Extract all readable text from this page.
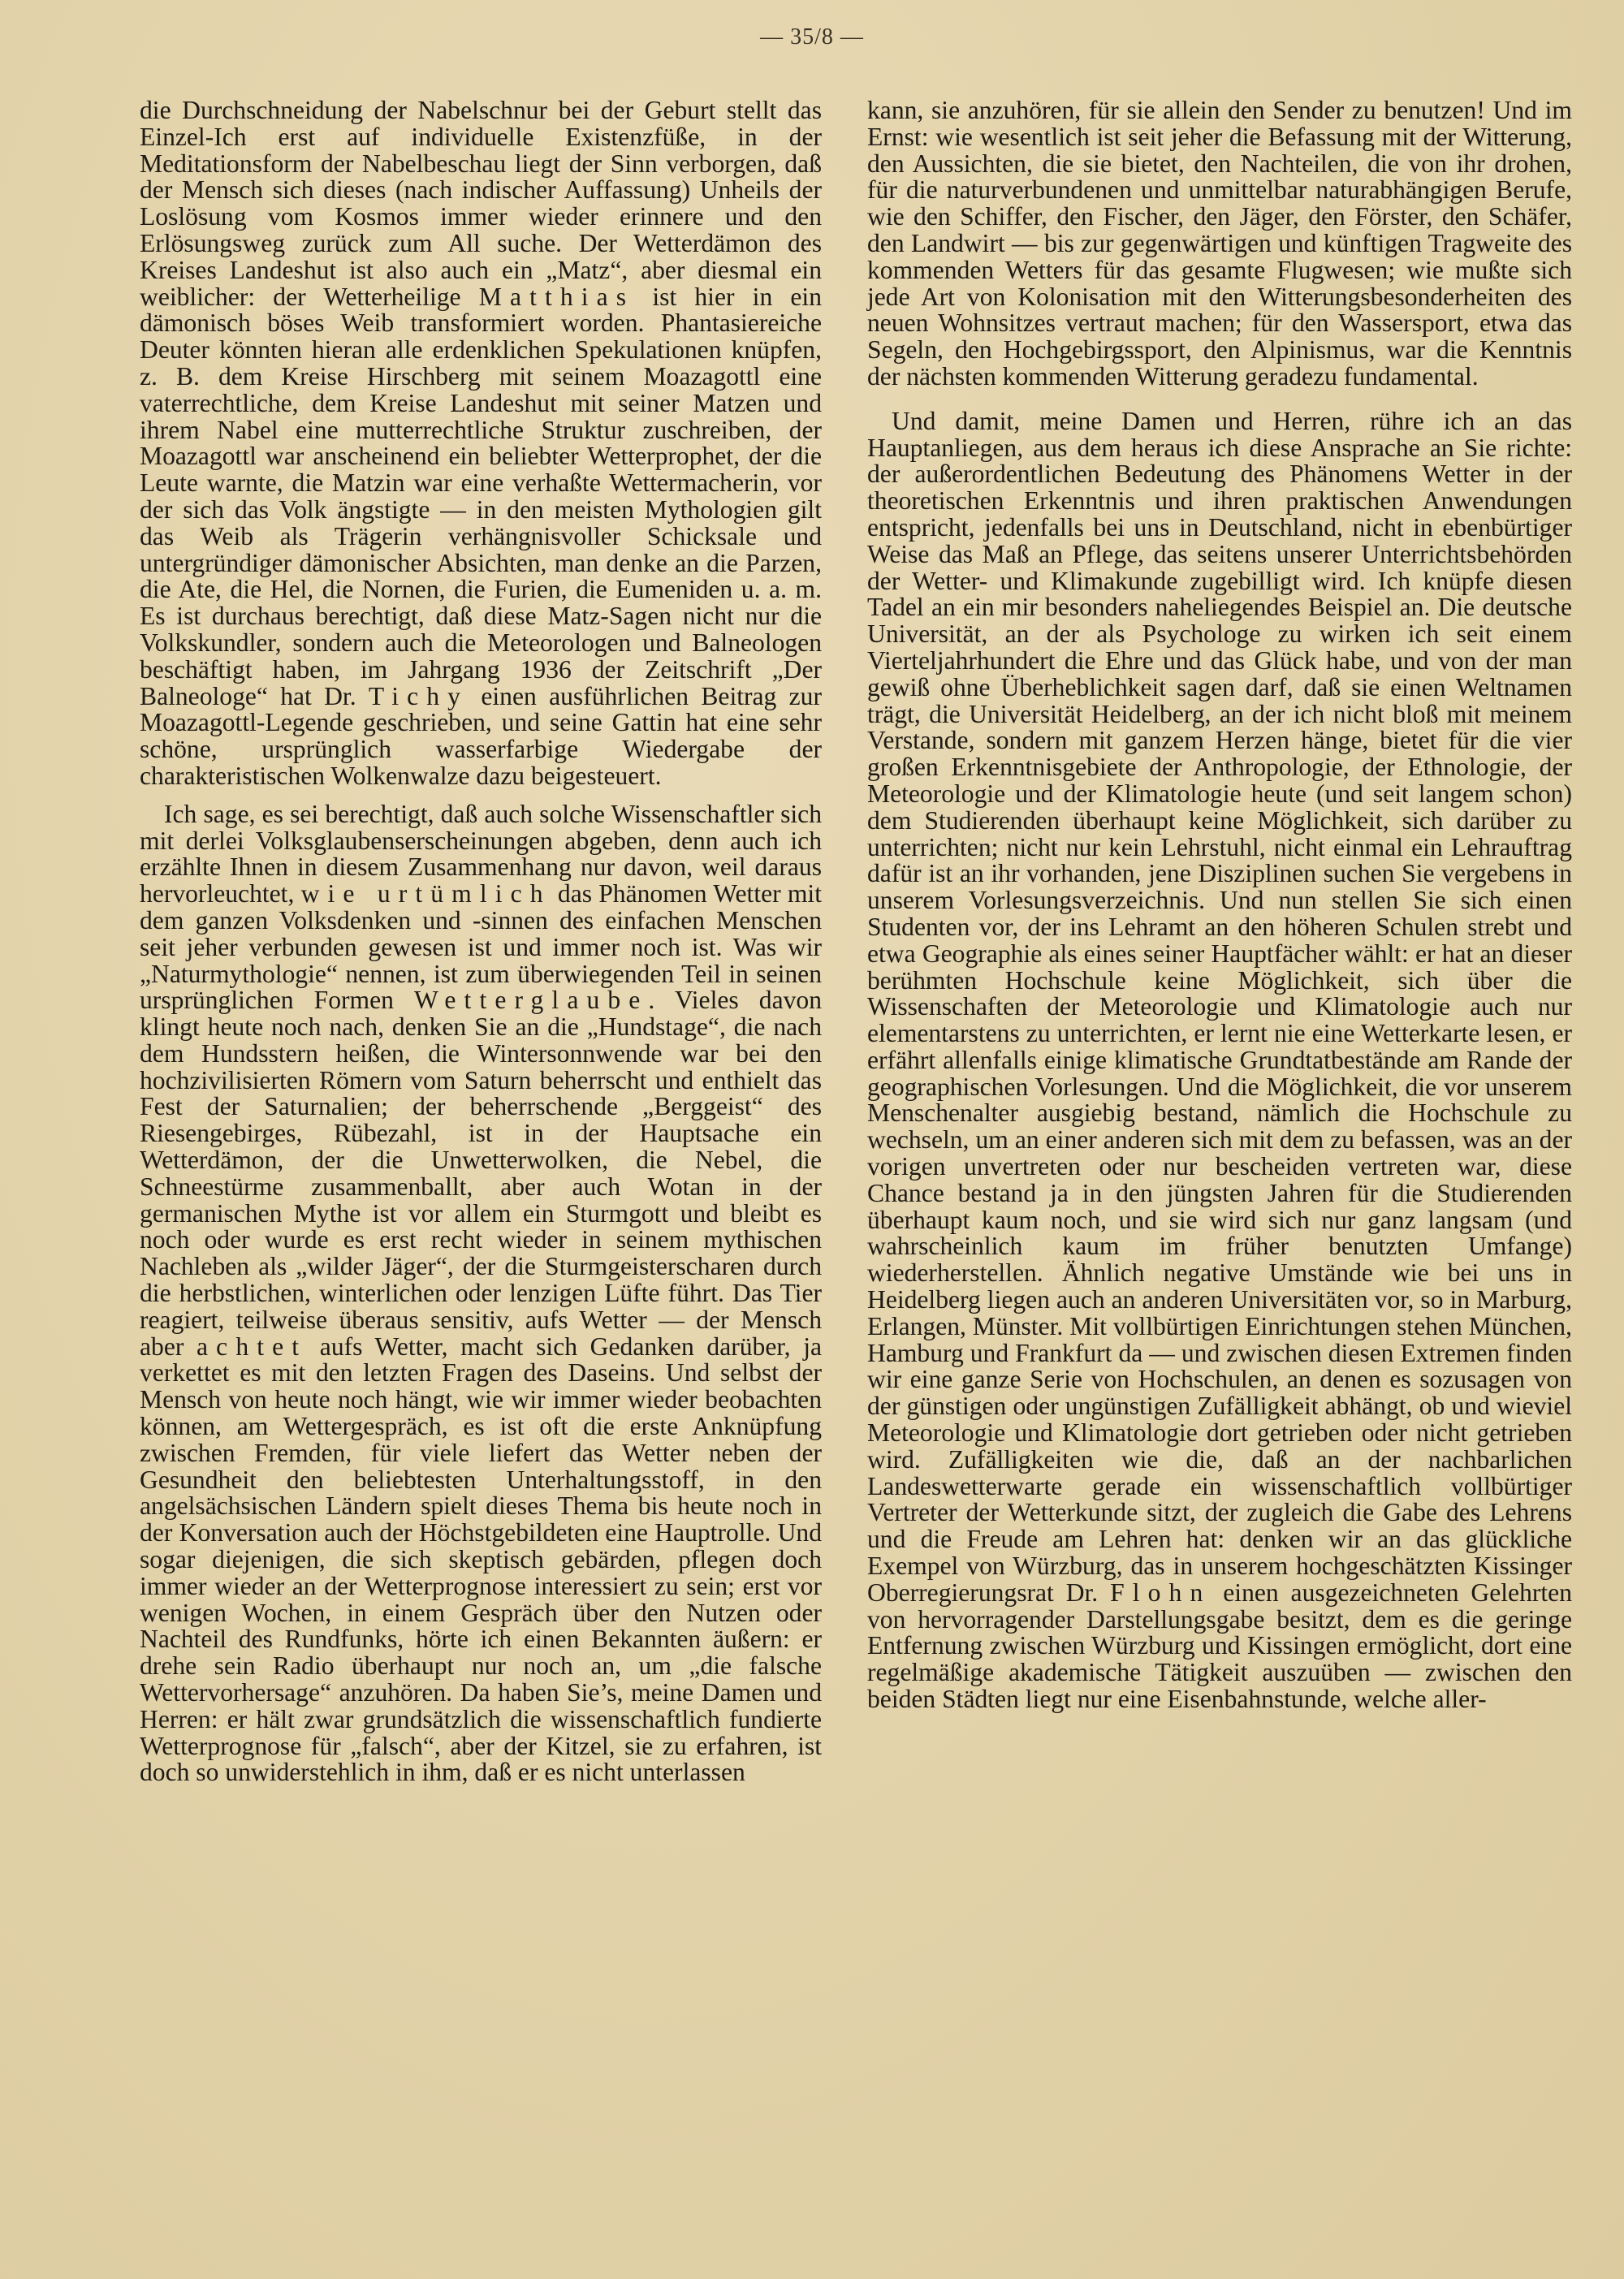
— 35/8 —

die Durchschneidung der Nabelschnur bei der Geburt stellt das Einzel-Ich erst auf individuelle Existenzfüße, in der Meditationsform der Nabelbeschau liegt der Sinn verborgen, daß der Mensch sich dieses (nach indischer Auffassung) Unheils der Loslösung vom Kosmos immer wieder erinnere und den Erlösungsweg zurück zum All suche. Der Wetterdämon des Kreises Landeshut ist also auch ein „Matz“, aber diesmal ein weiblicher: der Wetterheilige Matthias ist hier in ein dämonisch böses Weib transformiert worden. Phantasiereiche Deuter könnten hieran alle erdenklichen Spekulationen knüpfen, z. B. dem Kreise Hirschberg mit seinem Moazagottl eine vaterrechtliche, dem Kreise Landeshut mit seiner Matzen und ihrem Nabel eine mutterrechtliche Struktur zuschreiben, der Moazagottl war anscheinend ein beliebter Wetterprophet, der die Leute warnte, die Matzin war eine verhaßte Wettermacherin, vor der sich das Volk ängstigte — in den meisten Mythologien gilt das Weib als Trägerin verhängnisvoller Schicksale und untergründiger dämonischer Absichten, man denke an die Parzen, die Ate, die Hel, die Nornen, die Furien, die Eumeniden u. a. m. Es ist durchaus berechtigt, daß diese Matz-Sagen nicht nur die Volkskundler, sondern auch die Meteorologen und Balneologen beschäftigt haben, im Jahrgang 1936 der Zeitschrift „Der Balneologe“ hat Dr. Tichy einen ausführlichen Beitrag zur Moazagottl-Legende geschrieben, und seine Gattin hat eine sehr schöne, ursprünglich wasserfarbige Wiedergabe der charakteristischen Wolkenwalze dazu beigesteuert.

Ich sage, es sei berechtigt, daß auch solche Wissenschaftler sich mit derlei Volksglaubenserscheinungen abgeben, denn auch ich erzählte Ihnen in diesem Zusammenhang nur davon, weil daraus hervorleuchtet, wie urtümlich das Phänomen Wetter mit dem ganzen Volksdenken und -sinnen des einfachen Menschen seit jeher verbunden gewesen ist und immer noch ist. Was wir „Naturmythologie“ nennen, ist zum überwiegenden Teil in seinen ursprünglichen Formen Wetterglaube. Vieles davon klingt heute noch nach, denken Sie an die „Hundstage“, die nach dem Hundsstern heißen, die Wintersonnwende war bei den hochzivilisierten Römern vom Saturn beherrscht und enthielt das Fest der Saturnalien; der beherrschende „Berggeist“ des Riesengebirges, Rübezahl, ist in der Hauptsache ein Wetterdämon, der die Unwetterwolken, die Nebel, die Schneestürme zusammenballt, aber auch Wotan in der germanischen Mythe ist vor allem ein Sturmgott und bleibt es noch oder wurde es erst recht wieder in seinem mythischen Nachleben als „wilder Jäger“, der die Sturmgeisterscharen durch die herbstlichen, winterlichen oder lenzigen Lüfte führt. Das Tier reagiert, teilweise überaus sensitiv, aufs Wetter — der Mensch aber achtet aufs Wetter, macht sich Gedanken darüber, ja verkettet es mit den letzten Fragen des Daseins. Und selbst der Mensch von heute noch hängt, wie wir immer wieder beobachten können, am Wettergespräch, es ist oft die erste Anknüpfung zwischen Fremden, für viele liefert das Wetter neben der Gesundheit den beliebtesten Unterhaltungsstoff, in den angelsächsischen Ländern spielt dieses Thema bis heute noch in der Konversation auch der Höchstgebildeten eine Hauptrolle. Und sogar diejenigen, die sich skeptisch gebärden, pflegen doch immer wieder an der Wetterprognose interessiert zu sein; erst vor wenigen Wochen, in einem Gespräch über den Nutzen oder Nachteil des Rundfunks, hörte ich einen Bekannten äußern: er drehe sein Radio überhaupt nur noch an, um „die falsche Wettervorhersage“ anzuhören. Da haben Sie’s, meine Damen und Herren: er hält zwar grundsätzlich die wissenschaftlich fundierte Wetterprognose für „falsch“, aber der Kitzel, sie zu erfahren, ist doch so unwiderstehlich in ihm, daß er es nicht unterlassen

kann, sie anzuhören, für sie allein den Sender zu benutzen! Und im Ernst: wie wesentlich ist seit jeher die Befassung mit der Witterung, den Aussichten, die sie bietet, den Nachteilen, die von ihr drohen, für die naturverbundenen und unmittelbar naturabhängigen Berufe, wie den Schiffer, den Fischer, den Jäger, den Förster, den Schäfer, den Landwirt — bis zur gegenwärtigen und künftigen Tragweite des kommenden Wetters für das gesamte Flugwesen; wie mußte sich jede Art von Kolonisation mit den Witterungsbesonderheiten des neuen Wohnsitzes vertraut machen; für den Wassersport, etwa das Segeln, den Hochgebirgssport, den Alpinismus, war die Kenntnis der nächsten kommenden Witterung geradezu fundamental.

Und damit, meine Damen und Herren, rühre ich an das Hauptanliegen, aus dem heraus ich diese Ansprache an Sie richte: der außerordentlichen Bedeutung des Phänomens Wetter in der theoretischen Erkenntnis und ihren praktischen Anwendungen entspricht, jedenfalls bei uns in Deutschland, nicht in ebenbürtiger Weise das Maß an Pflege, das seitens unserer Unterrichtsbehörden der Wetter- und Klimakunde zugebilligt wird. Ich knüpfe diesen Tadel an ein mir besonders naheliegendes Beispiel an. Die deutsche Universität, an der als Psychologe zu wirken ich seit einem Vierteljahrhundert die Ehre und das Glück habe, und von der man gewiß ohne Überheblichkeit sagen darf, daß sie einen Weltnamen trägt, die Universität Heidelberg, an der ich nicht bloß mit meinem Verstande, sondern mit ganzem Herzen hänge, bietet für die vier großen Erkenntnisgebiete der Anthropologie, der Ethnologie, der Meteorologie und der Klimatologie heute (und seit langem schon) dem Studierenden überhaupt keine Möglichkeit, sich darüber zu unterrichten; nicht nur kein Lehrstuhl, nicht einmal ein Lehrauftrag dafür ist an ihr vorhanden, jene Disziplinen suchen Sie vergebens in unserem Vorlesungsverzeichnis. Und nun stellen Sie sich einen Studenten vor, der ins Lehramt an den höheren Schulen strebt und etwa Geographie als eines seiner Hauptfächer wählt: er hat an dieser berühmten Hochschule keine Möglichkeit, sich über die Wissenschaften der Meteorologie und Klimatologie auch nur elementarstens zu unterrichten, er lernt nie eine Wetterkarte lesen, er erfährt allenfalls einige klimatische Grundtatbestände am Rande der geographischen Vorlesungen. Und die Möglichkeit, die vor unserem Menschenalter ausgiebig bestand, nämlich die Hochschule zu wechseln, um an einer anderen sich mit dem zu befassen, was an der vorigen unvertreten oder nur bescheiden vertreten war, diese Chance bestand ja in den jüngsten Jahren für die Studierenden überhaupt kaum noch, und sie wird sich nur ganz langsam (und wahrscheinlich kaum im früher benutzten Umfange) wiederherstellen. Ähnlich negative Umstände wie bei uns in Heidelberg liegen auch an anderen Universitäten vor, so in Marburg, Erlangen, Münster. Mit vollbürtigen Einrichtungen stehen München, Hamburg und Frankfurt da — und zwischen diesen Extremen finden wir eine ganze Serie von Hochschulen, an denen es sozusagen von der günstigen oder ungünstigen Zufälligkeit abhängt, ob und wieviel Meteorologie und Klimatologie dort getrieben oder nicht getrieben wird. Zufälligkeiten wie die, daß an der nachbarlichen Landeswetterwarte gerade ein wissenschaftlich vollbürtiger Vertreter der Wetterkunde sitzt, der zugleich die Gabe des Lehrens und die Freude am Lehren hat: denken wir an das glückliche Exempel von Würzburg, das in unserem hochgeschätzten Kissinger Oberregierungsrat Dr. Flohn einen ausgezeichneten Gelehrten von hervorragender Darstellungsgabe besitzt, dem es die geringe Entfernung zwischen Würzburg und Kissingen ermöglicht, dort eine regelmäßige akademische Tätigkeit auszuüben — zwischen den beiden Städten liegt nur eine Eisenbahnstunde, welche aller-
